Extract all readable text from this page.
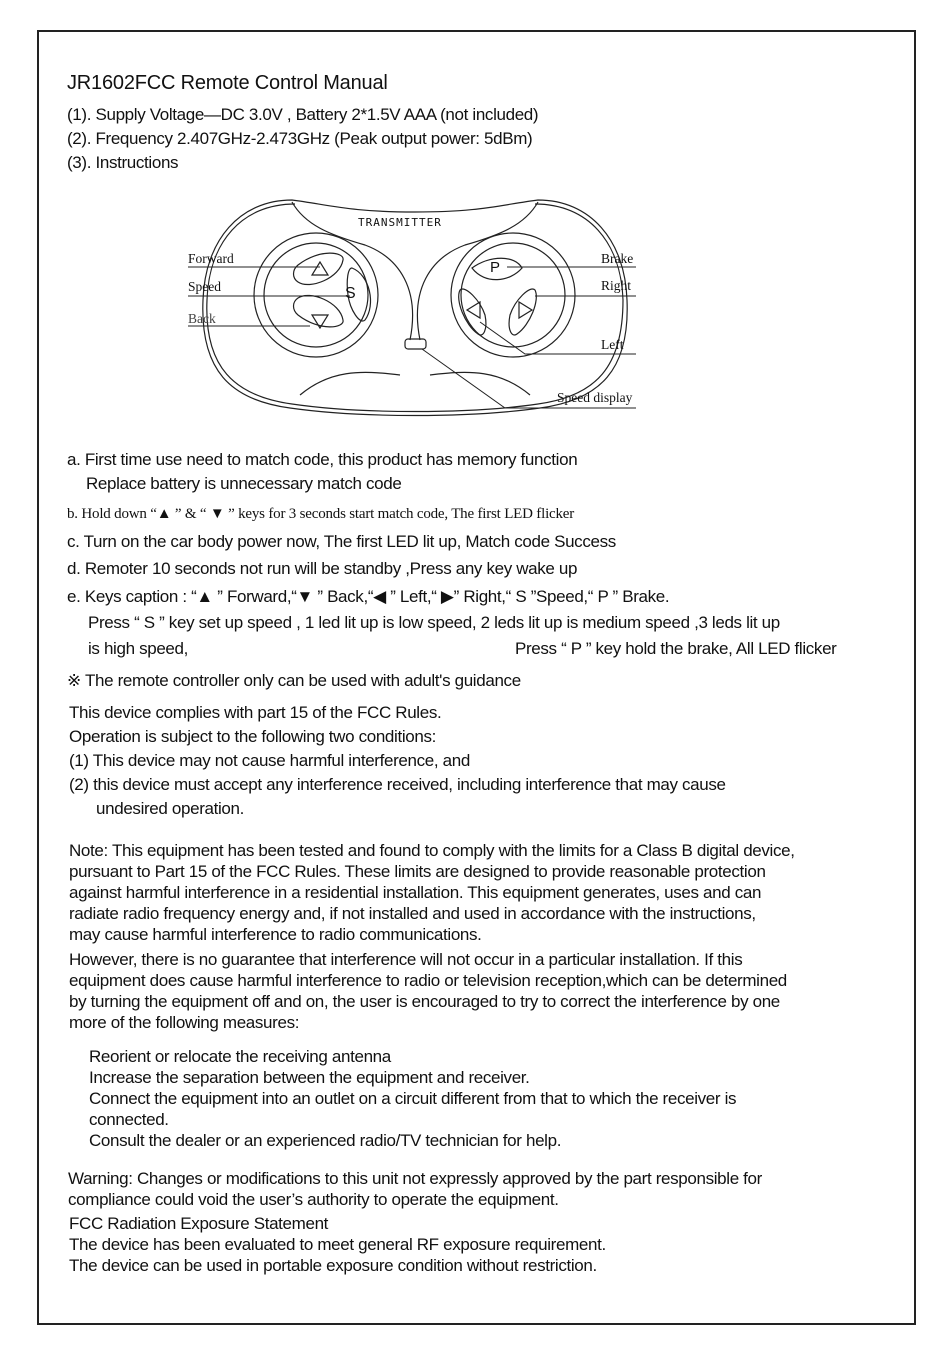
JR1602FCC Remote Control Manual
(1). Supply Voltage—DC 3.0V , Battery 2*1.5V AAA (not included)
(2). Frequency 2.407GHz-2.473GHz (Peak output power: 5dBm)
(3). Instructions
TRANSMITTER
S
P
Forward
Speed
Back
Brake
Right
Left
Speed display
a. First time use need to match code, this product has memory function
Replace battery is unnecessary match code
b. Hold down “▲ ” & “ ▼ ” keys for 3 seconds start match code, The first LED flicker
c. Turn on the car body power now, The first LED lit up, Match code Success
d. Remoter 10 seconds not run will be standby ,Press any key wake up
e. Keys caption : “▲ ” Forward,“▼ ” Back,“◀ ” Left,“ ▶” Right,“ S ”Speed,“ P ” Brake.
Press “ S ” key set up speed , 1 led lit up is low speed, 2 leds lit up is medium speed ,3 leds lit up
is high speed,	Press “ P ” key hold the brake, All LED flicker
※ The remote controller only can be used with adult's guidance
This device complies with part 15 of the FCC Rules.
Operation is subject to the following two conditions:
(1) This device may not cause harmful interference, and
(2) this device must accept any interference received, including interference that may cause
undesired operation.
Note: This equipment has been tested and found to comply with the limits for a Class B digital device,
pursuant to Part 15 of the FCC Rules. These limits are designed to provide reasonable protection
against harmful interference in a residential installation. This equipment generates, uses and can
radiate radio frequency energy and, if not installed and used in accordance with the instructions,
may cause harmful interference to radio communications.
However, there is no guarantee that interference will not occur in a particular installation. If this
equipment does cause harmful interference to radio or television reception,which can be determined
by turning the equipment off and on, the user is encouraged to try to correct the interference by one
more of the following measures:
Reorient or relocate the receiving antenna
Increase the separation between the equipment and receiver.
Connect the equipment into an outlet on a circuit different from that to which the receiver is
connected.
Consult the dealer or an experienced radio/TV technician for help.
Warning: Changes or modifications to this unit not expressly approved by the part responsible for
compliance could void the user’s authority to operate the equipment.
FCC Radiation Exposure Statement
The device has been evaluated to meet general RF exposure requirement.
The device can be used in portable exposure condition without restriction.
